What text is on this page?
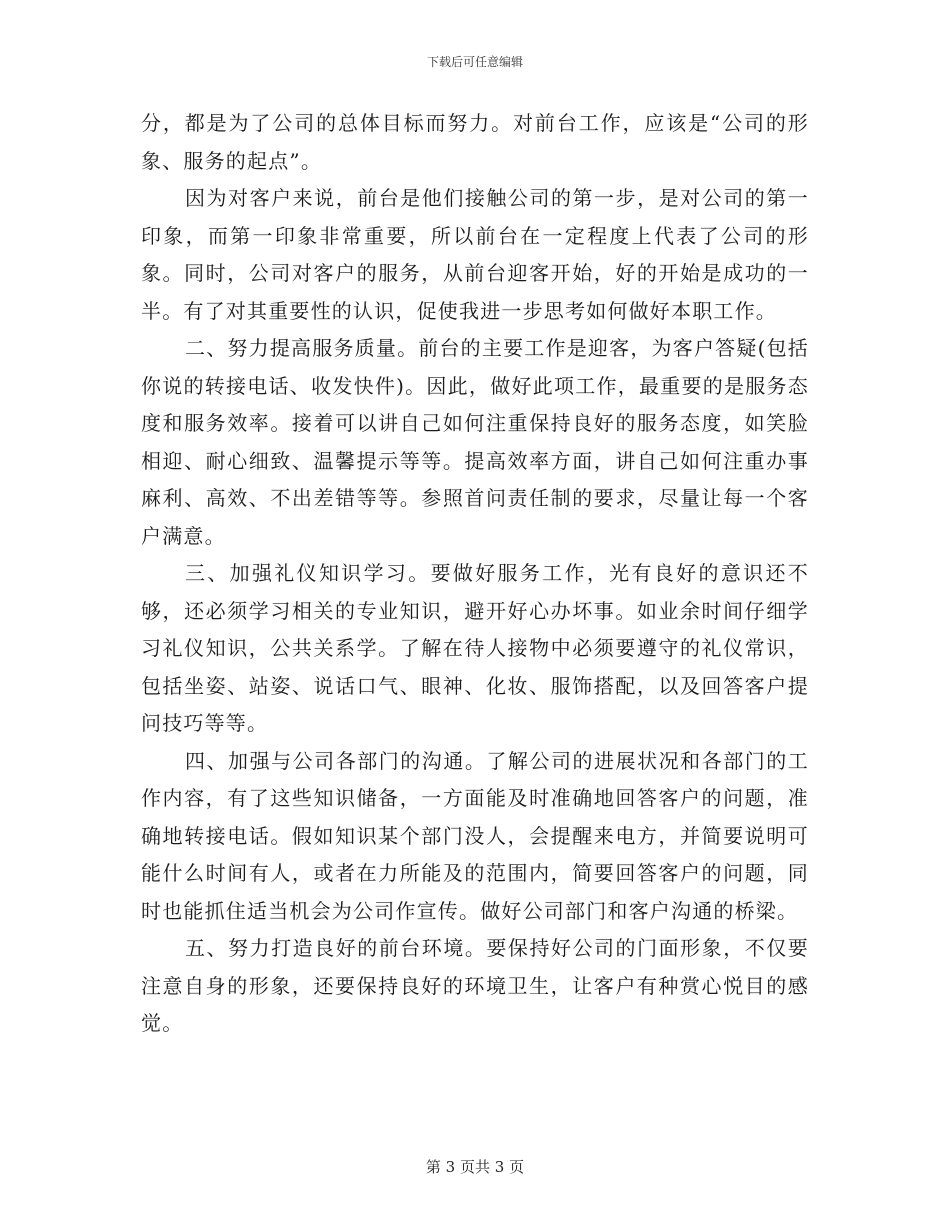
下载后可任意编辑

分，都是为了公司的总体目标而努力。对前台工作，应该是“公司的形象、服务的起点”。

因为对客户来说，前台是他们接触公司的第一步，是对公司的第一印象，而第一印象非常重要，所以前台在一定程度上代表了公司的形象。同时，公司对客户的服务，从前台迎客开始，好的开始是成功的一半。有了对其重要性的认识，促使我进一步思考如何做好本职工作。

二、努力提高服务质量。前台的主要工作是迎客，为客户答疑(包括你说的转接电话、收发快件)。因此，做好此项工作，最重要的是服务态度和服务效率。接着可以讲自己如何注重保持良好的服务态度，如笑脸相迎、耐心细致、温馨提示等等。提高效率方面，讲自己如何注重办事麻利、高效、不出差错等等。参照首问责任制的要求，尽量让每一个客户满意。

三、加强礼仪知识学习。要做好服务工作，光有良好的意识还不够，还必须学习相关的专业知识，避开好心办坏事。如业余时间仔细学习礼仪知识，公共关系学。了解在待人接物中必须要遵守的礼仪常识，包括坐姿、站姿、说话口气、眼神、化妆、服饰搭配，以及回答客户提问技巧等等。

四、加强与公司各部门的沟通。了解公司的进展状况和各部门的工作内容，有了这些知识储备，一方面能及时准确地回答客户的问题，准确地转接电话。假如知识某个部门没人，会提醒来电方，并简要说明可能什么时间有人，或者在力所能及的范围内，简要回答客户的问题，同时也能抓住适当机会为公司作宣传。做好公司部门和客户沟通的桥梁。

五、努力打造良好的前台环境。要保持好公司的门面形象，不仅要注意自身的形象，还要保持良好的环境卫生，让客户有种赏心悦目的感觉。

第 3 页共 3 页
